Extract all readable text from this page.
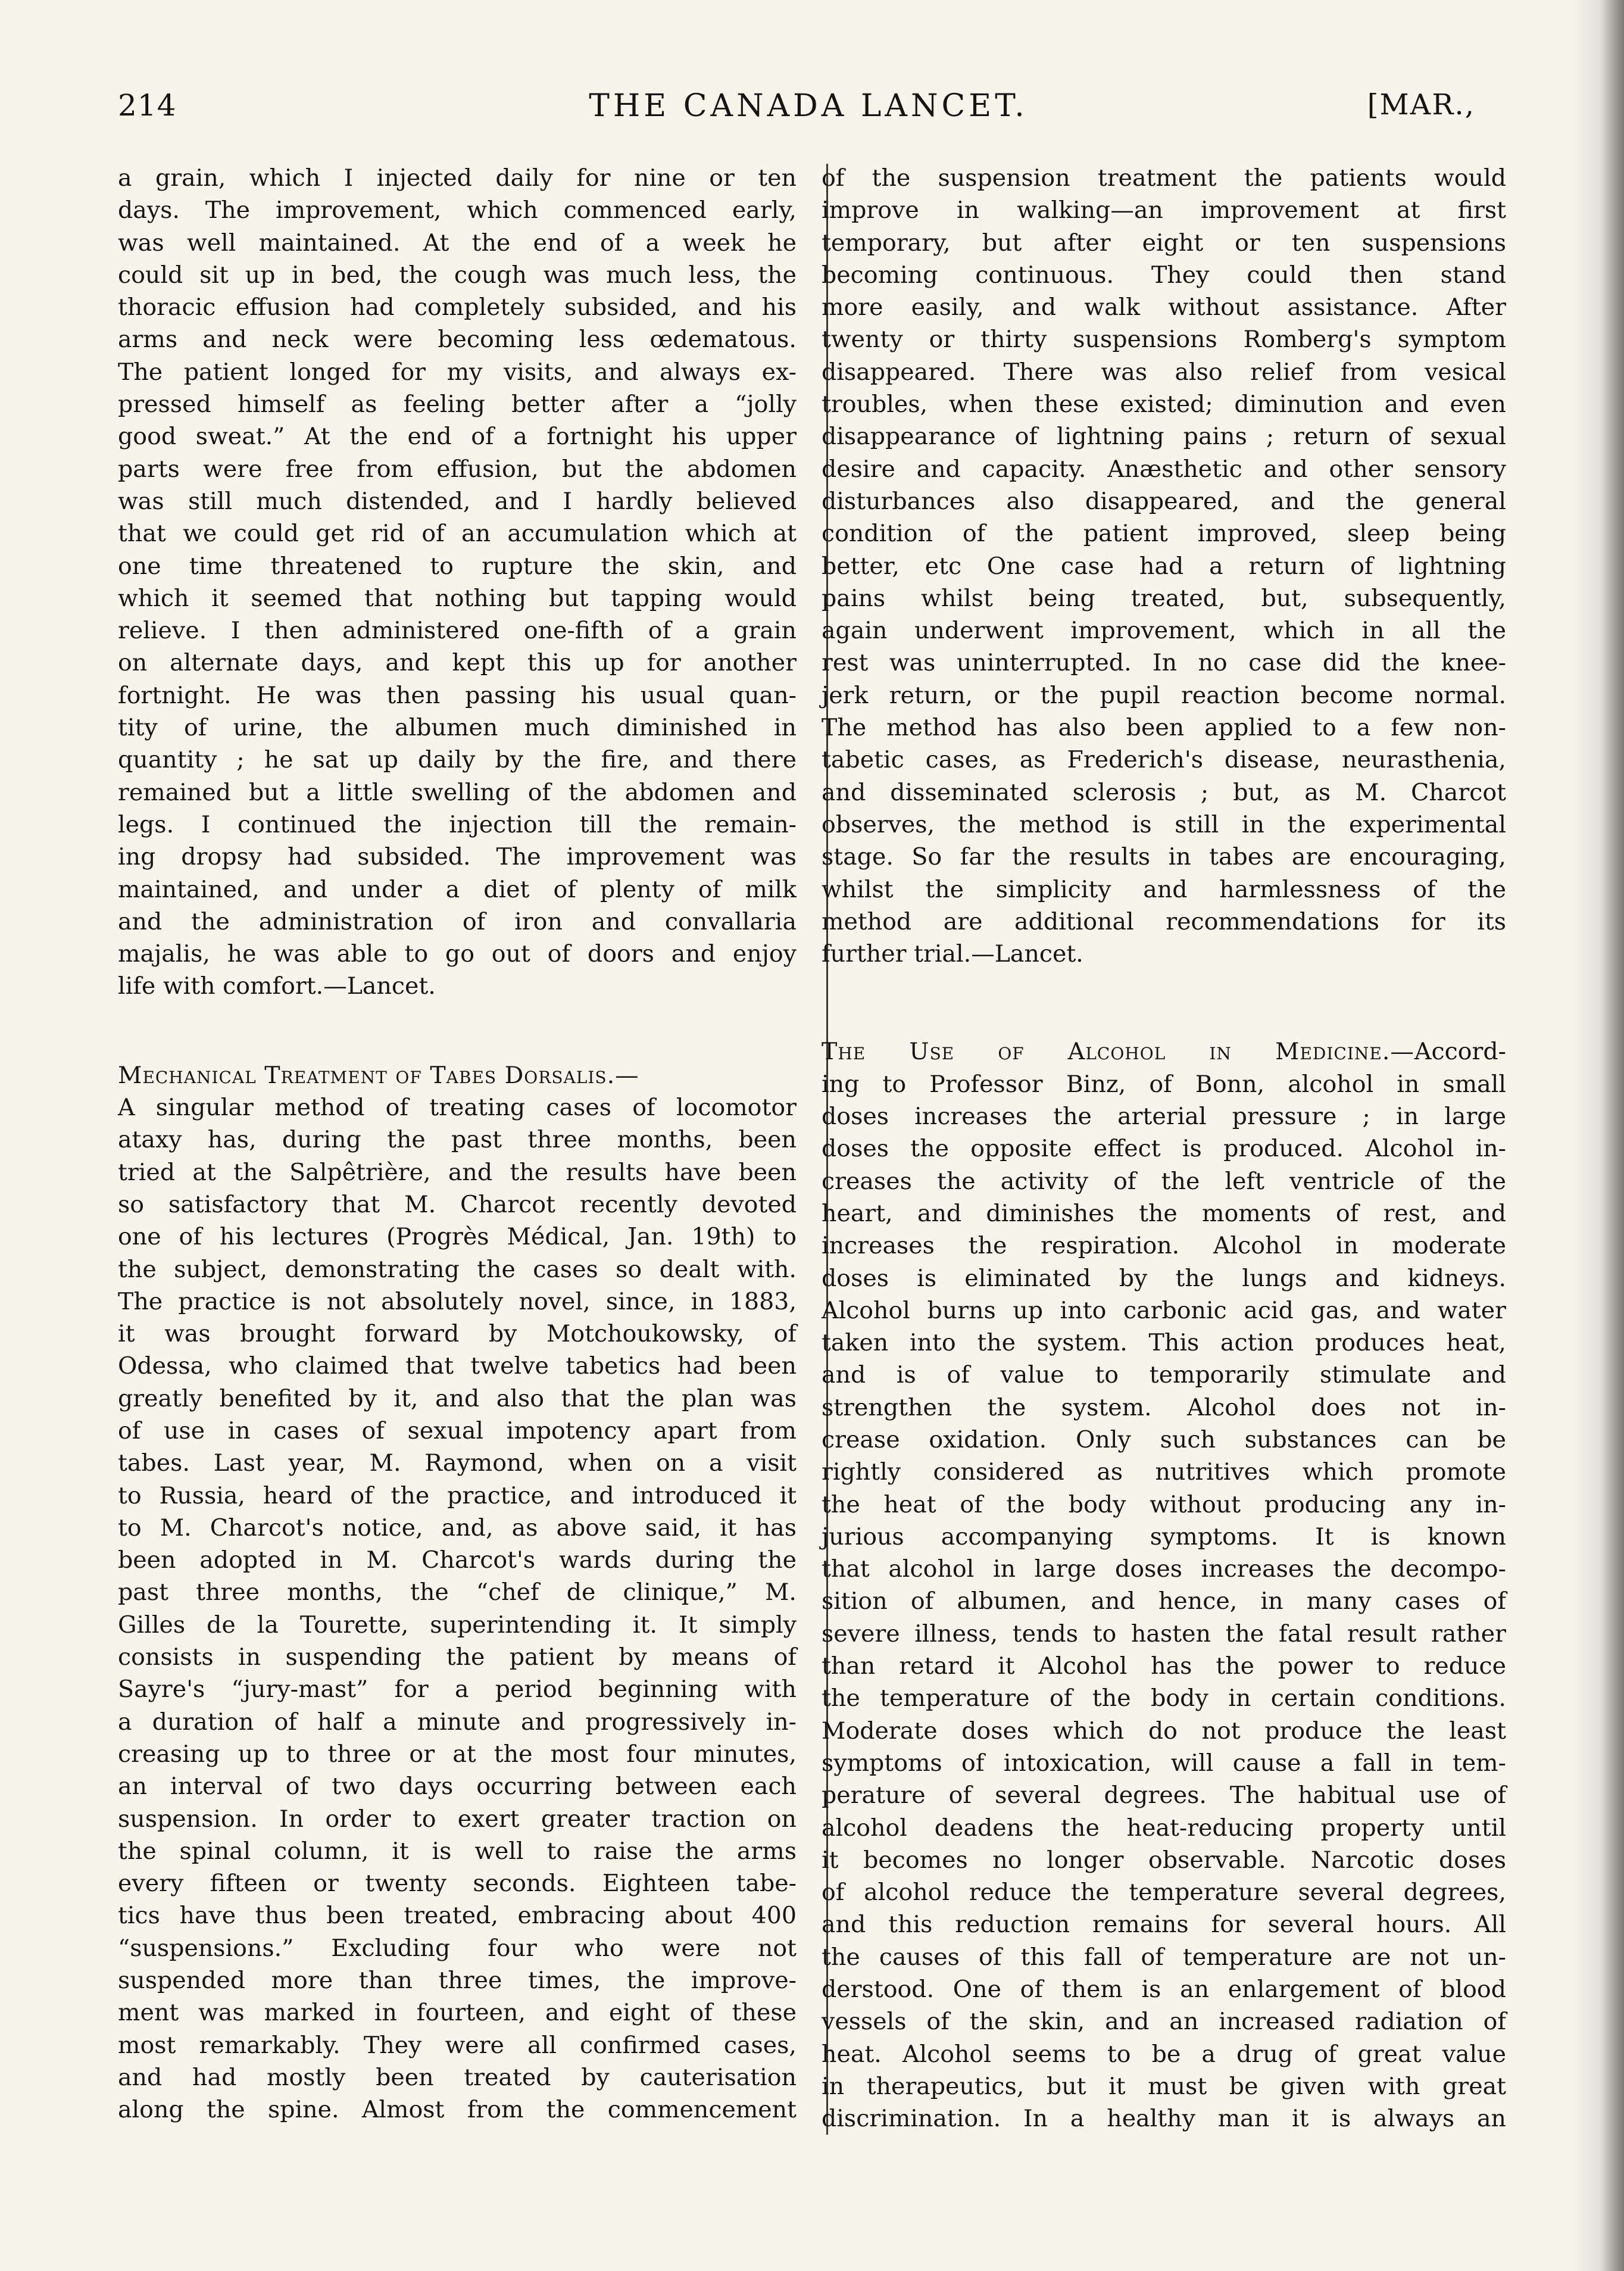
214	THE CANADA LANCET.	[MAR.,
a grain, which I injected daily for nine or ten
days. The improvement, which commenced early,
was well maintained. At the end of a week he
could sit up in bed, the cough was much less, the
thoracic effusion had completely subsided, and his
arms and neck were becoming less œdematous.
The patient longed for my visits, and always ex-
pressed himself as feeling better after a “jolly
good sweat.” At the end of a fortnight his upper
parts were free from effusion, but the abdomen
was still much distended, and I hardly believed
that we could get rid of an accumulation which at
one time threatened to rupture the skin, and
which it seemed that nothing but tapping would
relieve. I then administered one-fifth of a grain
on alternate days, and kept this up for another
fortnight. He was then passing his usual quan-
tity of urine, the albumen much diminished in
quantity ; he sat up daily by the fire, and there
remained but a little swelling of the abdomen and
legs. I continued the injection till the remain-
ing dropsy had subsided. The improvement was
maintained, and under a diet of plenty of milk
and the administration of iron and convallaria
majalis, he was able to go out of doors and enjoy
life with comfort.—Lancet.
Mechanical Treatment of Tabes Dorsalis.—
A singular method of treating cases of locomotor
ataxy has, during the past three months, been
tried at the Salpêtrière, and the results have been
so satisfactory that M. Charcot recently devoted
one of his lectures (Progrès Médical, Jan. 19th) to
the subject, demonstrating the cases so dealt with.
The practice is not absolutely novel, since, in 1883,
it was brought forward by Motchoukowsky, of
Odessa, who claimed that twelve tabetics had been
greatly benefited by it, and also that the plan was
of use in cases of sexual impotency apart from
tabes. Last year, M. Raymond, when on a visit
to Russia, heard of the practice, and introduced it
to M. Charcot's notice, and, as above said, it has
been adopted in M. Charcot's wards during the
past three months, the “chef de clinique,” M.
Gilles de la Tourette, superintending it. It simply
consists in suspending the patient by means of
Sayre's “jury-mast” for a period beginning with
a duration of half a minute and progressively in-
creasing up to three or at the most four minutes,
an interval of two days occurring between each
suspension. In order to exert greater traction on
the spinal column, it is well to raise the arms
every fifteen or twenty seconds. Eighteen tabe-
tics have thus been treated, embracing about 400
“suspensions.” Excluding four who were not
suspended more than three times, the improve-
ment was marked in fourteen, and eight of these
most remarkably. They were all confirmed cases,
and had mostly been treated by cauterisation
along the spine. Almost from the commencement
of the suspension treatment the patients would
improve in walking—an improvement at first
temporary, but after eight or ten suspensions
becoming continuous. They could then stand
more easily, and walk without assistance. After
twenty or thirty suspensions Romberg's symptom
disappeared. There was also relief from vesical
troubles, when these existed; diminution and even
disappearance of lightning pains ; return of sexual
desire and capacity. Anæsthetic and other sensory
disturbances also disappeared, and the general
condition of the patient improved, sleep being
better, etc One case had a return of lightning
pains whilst being treated, but, subsequently,
again underwent improvement, which in all the
rest was uninterrupted. In no case did the knee-
jerk return, or the pupil reaction become normal.
The method has also been applied to a few non-
tabetic cases, as Frederich's disease, neurasthenia,
and disseminated sclerosis ; but, as M. Charcot
observes, the method is still in the experimental
stage. So far the results in tabes are encouraging,
whilst the simplicity and harmlessness of the
method are additional recommendations for its
further trial.—Lancet.
The Use of Alcohol in Medicine.—Accord-
ing to Professor Binz, of Bonn, alcohol in small
doses increases the arterial pressure ; in large
doses the opposite effect is produced. Alcohol in-
creases the activity of the left ventricle of the
heart, and diminishes the moments of rest, and
increases the respiration. Alcohol in moderate
doses is eliminated by the lungs and kidneys.
Alcohol burns up into carbonic acid gas, and water
taken into the system. This action produces heat,
and is of value to temporarily stimulate and
strengthen the system. Alcohol does not in-
crease oxidation. Only such substances can be
rightly considered as nutritives which promote
the heat of the body without producing any in-
jurious accompanying symptoms. It is known
that alcohol in large doses increases the decompo-
sition of albumen, and hence, in many cases of
severe illness, tends to hasten the fatal result rather
than retard it Alcohol has the power to reduce
the temperature of the body in certain conditions.
Moderate doses which do not produce the least
symptoms of intoxication, will cause a fall in tem-
perature of several degrees. The habitual use of
alcohol deadens the heat-reducing property until
it becomes no longer observable. Narcotic doses
of alcohol reduce the temperature several degrees,
and this reduction remains for several hours. All
the causes of this fall of temperature are not un-
derstood. One of them is an enlargement of blood
vessels of the skin, and an increased radiation of
heat. Alcohol seems to be a drug of great value
in therapeutics, but it must be given with great
discrimination. In a healthy man it is always an
